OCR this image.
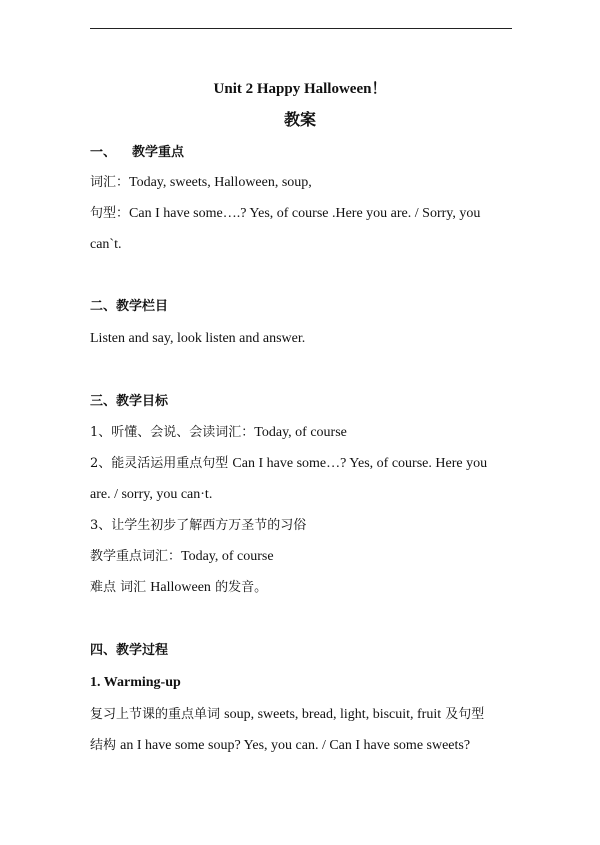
Unit 2 Happy Halloween！
教案
一、 教学重点
词汇：Today, sweets, Halloween, soup,
句型：Can I have some….? Yes, of course .Here you are. / Sorry, you
can`t.
二、教学栏目
Listen and say, look listen and answer.
三、教学目标
1、听懂、会说、会读词汇：Today, of course
2、能灵活运用重点句型 Can I have some…? Yes, of course. Here you
are. / sorry, you can·t.
3、让学生初步了解西方万圣节的习俗
教学重点词汇：Today, of course
难点 词汇 Halloween 的发音。
四、教学过程
1. Warming-up
复习上节课的重点单词 soup, sweets, bread, light, biscuit, fruit 及句型
结构 an I have some soup? Yes, you can. / Can I have some sweets?
